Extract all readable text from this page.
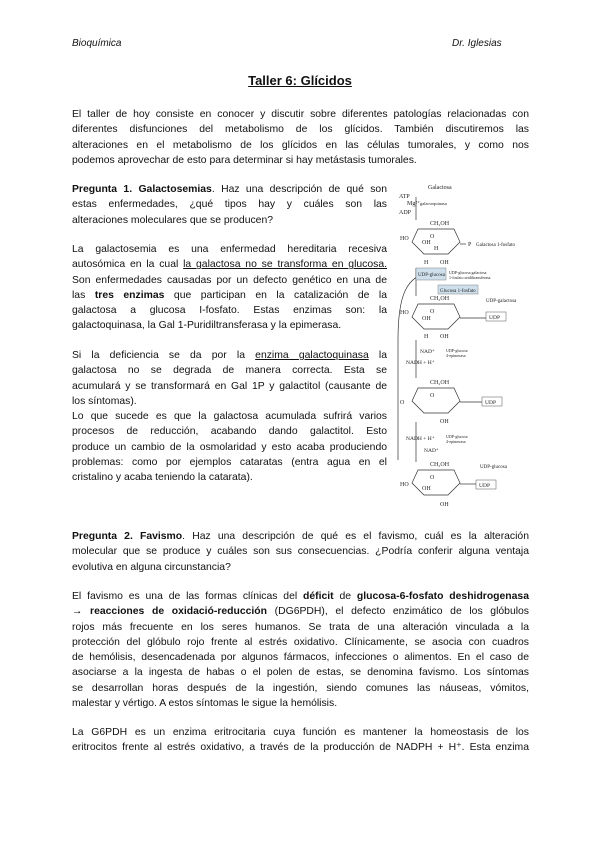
Bioquímica	Dr. Iglesias
Taller 6: Glícidos
El taller de hoy consiste en conocer y discutir sobre diferentes patologías relacionadas con
diferentes disfunciones del metabolismo de los glícidos. También discutiremos las
alteraciones en el metabolismo de los glícidos en las células tumorales, y como nos
podemos aprovechar de esto para determinar si hay metástasis tumorales.
Pregunta 1. Galactosemias. Haz una descripción de qué son
estas enfermedades, ¿qué tipos hay y cuáles son las
alteraciones moleculares que se producen?
La galactosemia es una enfermedad hereditaria recesiva
autosómica en la cual la galactosa no se transforma en glucosa.
Son enfermedades causadas por un defecto genético en una de
las tres enzimas que participan en la catalización de la
galactosa a glucosa I-fosfato. Estas enzimas son: la
galactoquinasa, la Gal 1-Puridiltransferasa y la epimerasa.
Si la deficiencia se da por la enzima galactoquinasa la
galactosa no se degrada de manera correcta. Esta se
acumulará y se transformará en Gal 1P y galactitol (causante de
los síntomas).
Lo que sucede es que la galactosa acumulada sufrirá varios
procesos de reducción, acabando dando galactitol. Esto
produce un cambio de la osmolaridad y esto acaba produciendo
problemas: como por ejemplos cataratas (entra agua en el
cristalino y acaba teniendo la catarata).
Galactosa
ATP
Mg²⁺ galactoquinasa
ADP
CH₂OH
O
HO
OH
H
H OH
P Galactosa 1-fosfato
UDP-glucosa
UDP-glucosa galactosa
1-fosfato uridiltransferasa
Glucosa 1-fosfato
UDP-galactosa
CH₂OH
HO	O
OH
OH
H
UDP
NAD⁺	UDP-glucosa
4-epimerasa
NADH + H⁺
CH₂OH
O
O
OH
UDP
NADH + H⁺	UDP-glucosa
4-epimerasa
NAD⁺
CH₂OH	UDP-glucosa
HO
O
OH
OH
UDP
Pregunta 2. Favismo. Haz una descripción de qué es el favismo, cuál es la alteración
molecular que se produce y cuáles son sus consecuencias. ¿Podría conferir alguna ventaja
evolutiva en alguna circunstancia?
El favismo es una de las formas clínicas del déficit de glucosa-6-fosfato deshidrogenasa
→ reacciones de oxidació-reducción (DG6PDH), el defecto enzimático de los glóbulos
rojos más frecuente en los seres humanos. Se trata de una alteración vinculada a la
protección del glóbulo rojo frente al estrés oxidativo. Clínicamente, se asocia con cuadros
de hemólisis, desencadenada por algunos fármacos, infecciones o alimentos. En el caso de
asociarse a la ingesta de habas o el polen de estas, se denomina favismo. Los síntomas
se desarrollan horas después de la ingestión, siendo comunes las náuseas, vómitos,
malestar y vértigo. A estos síntomas le sigue la hemólisis.
La G6PDH es un enzima eritrocitaria cuya función es mantener la homeostasis de los
eritrocitos frente al estrés oxidativo, a través de la producción de NADPH + H⁺. Esta enzima
